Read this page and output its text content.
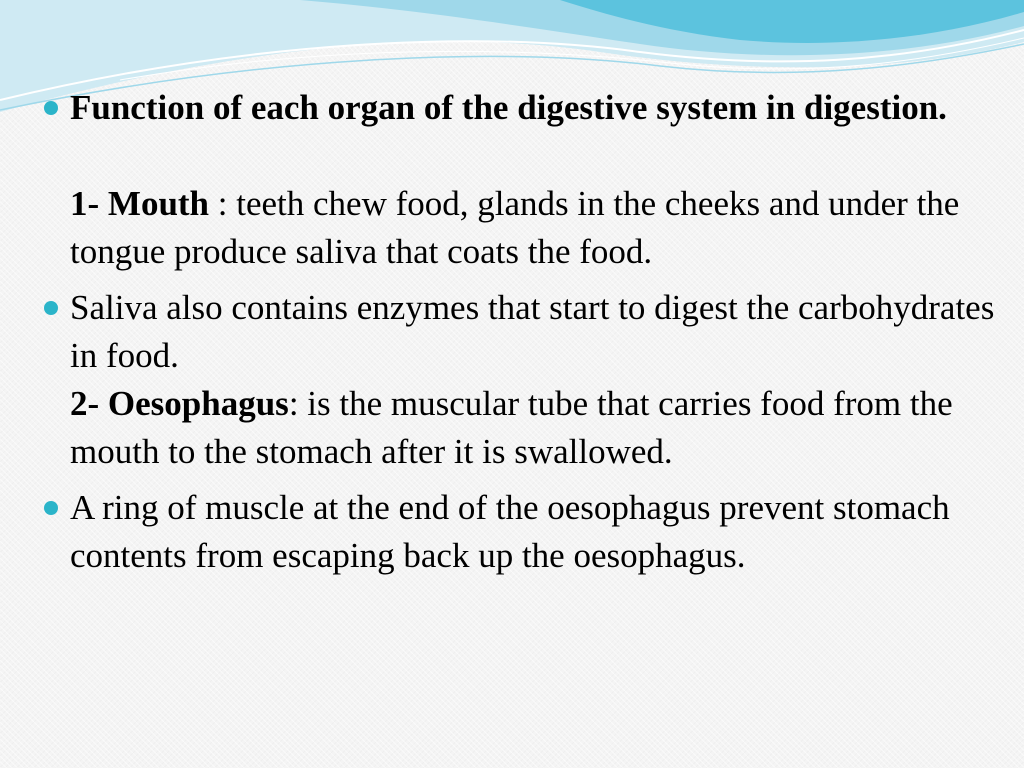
Function of each organ of the digestive system in digestion.
1- Mouth : teeth chew food, glands in the cheeks and under the tongue produce saliva that coats the food.
Saliva also contains enzymes that start to digest the carbohydrates in food.
2- Oesophagus: is the muscular tube that carries food from the mouth to the stomach after it is swallowed.
A ring of muscle at the end of the oesophagus prevent stomach contents from escaping back up the oesophagus.
